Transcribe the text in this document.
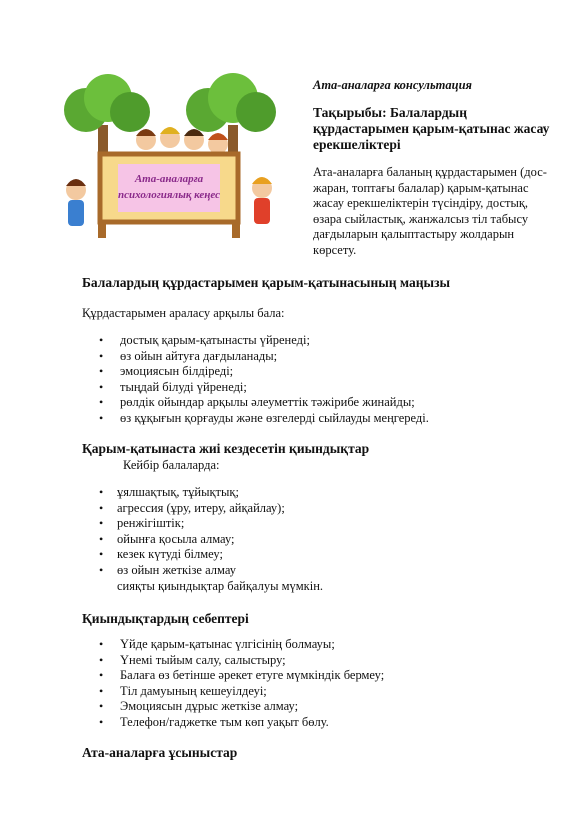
Ата-аналарға
психологиялық кеңес

Ата-аналарға консультация

Тақырыбы: Балалардың құрдастарымен қарым-қатынас жасау ерекшеліктері

Ата-аналарға баланың құрдастарымен (дос-жаран, топтағы балалар) қарым-қатынас жасау ерекшеліктерін түсіндіру, достық, өзара сыйластық, жанжалсыз тіл табысу дағдыларын қалыптастыру жолдарын көрсету.

Балалардың құрдастарымен қарым-қатынасының маңызы

Құрдастарымен араласу арқылы бала:

• достық қарым-қатынасты үйренеді;
• өз ойын айтуға дағдыланады;
• эмоциясын білдіреді;
• тыңдай білуді үйренеді;
• рөлдік ойындар арқылы әлеуметтік тәжірибе жинайды;
• өз құқығын қорғауды және өзгелерді сыйлауды меңгереді.

Қарым-қатынаста жиі кездесетін қиындықтар

Кейбір балаларда:

• ұялшақтық, тұйықтық;
• агрессия (ұру, итеру, айқайлау);
• ренжігіштік;
• ойынға қосыла алмау;
• кезек күтуді білмеу;
• өз ойын жеткізе алмау

сияқты қиындықтар байқалуы мүмкін.

Қиындықтардың себептері

• Үйде қарым-қатынас үлгісінің болмауы;
• Үнемі тыйым салу, салыстыру;
• Балаға өз бетінше әрекет етуге мүмкіндік бермеу;
• Тіл дамуының кешеуілдеуі;
• Эмоциясын дұрыс жеткізе алмау;
• Телефон/гаджетке тым көп уақыт бөлу.

Ата-аналарға ұсыныстар
